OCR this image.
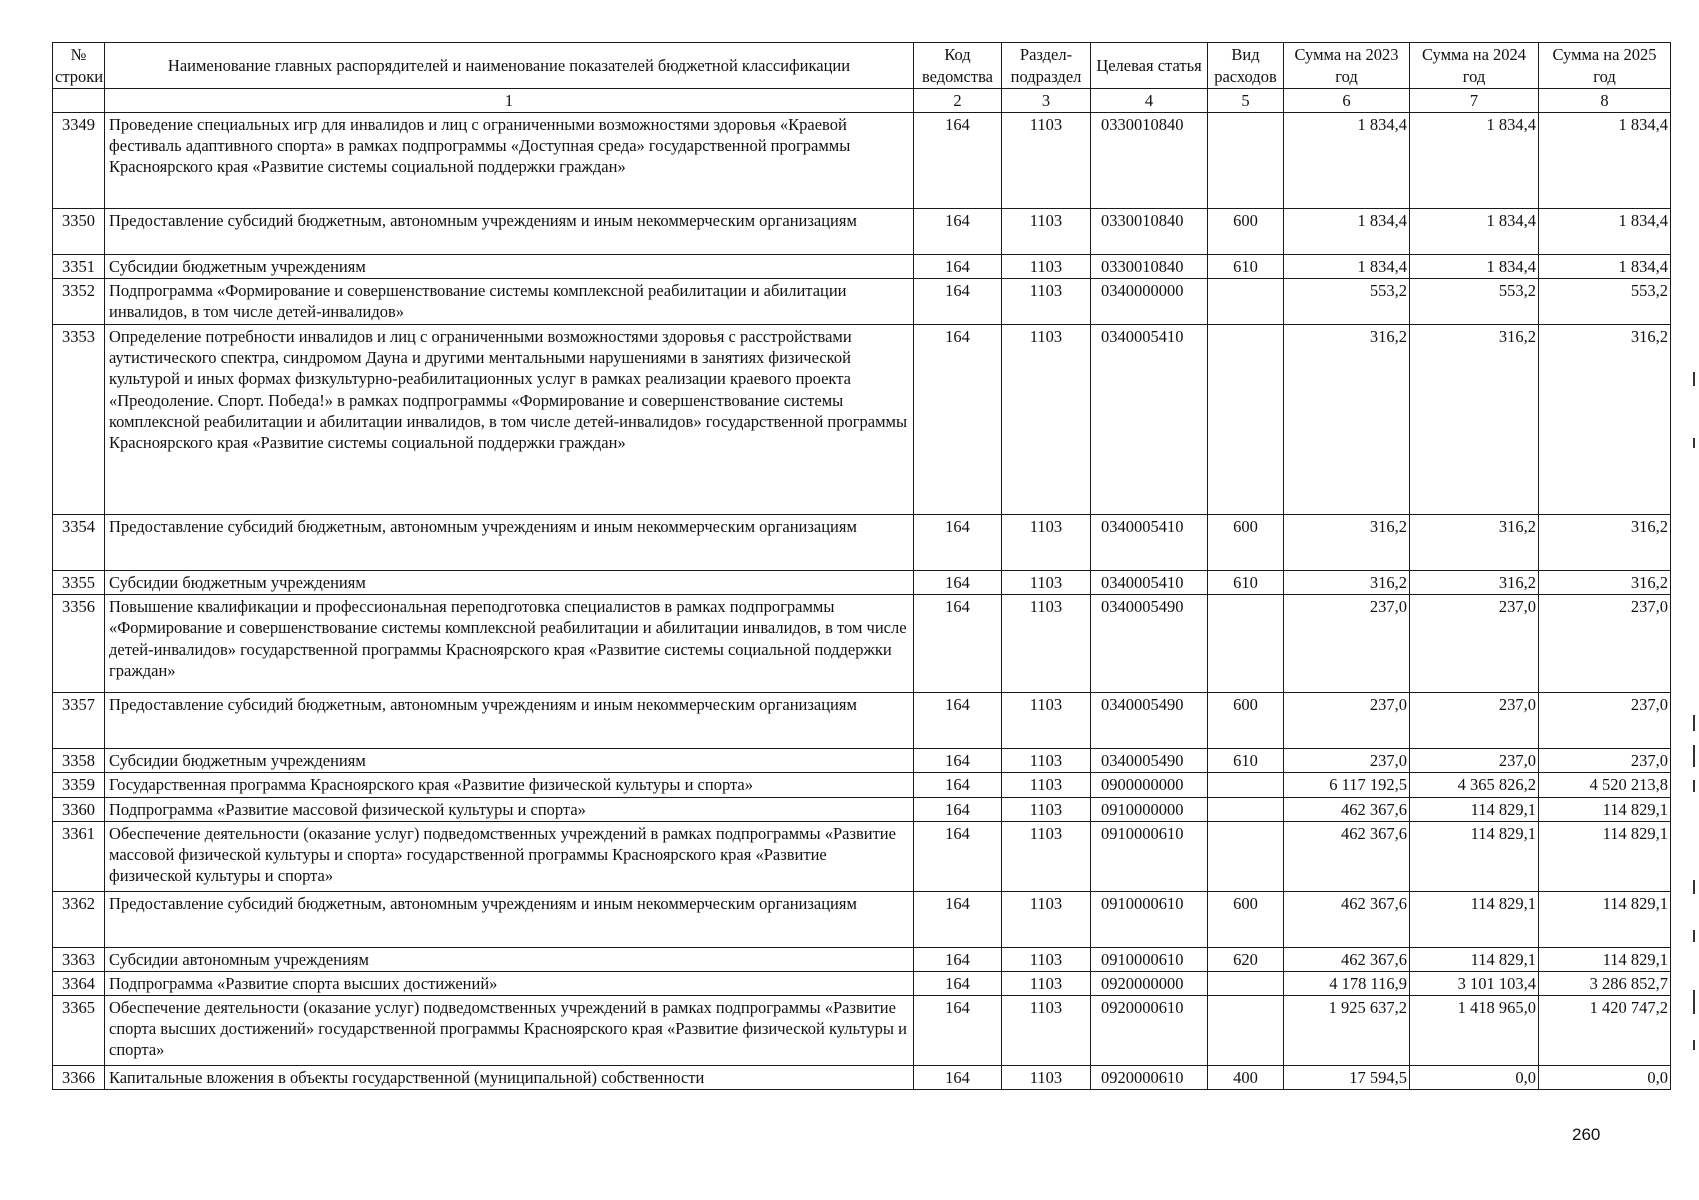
№ строки	Наименование главных распорядителей и наименование показателей бюджетной классификации	Код ведомства	Раздел-подраздел	Целевая статья	Вид расходов	Сумма на 2023 год	Сумма на 2024 год	Сумма на 2025 год
	1	2	3	4	5	6	7	8
3349	Проведение специальных игр для инвалидов и лиц с ограниченными возможностями здоровья «Краевой фестиваль адаптивного спорта» в рамках подпрограммы «Доступная среда» государственной программы Красноярского края «Развитие системы социальной поддержки граждан»	164	1103	0330010840		1 834,4	1 834,4	1 834,4
3350	Предоставление субсидий бюджетным, автономным учреждениям и иным некоммерческим организациям	164	1103	0330010840	600	1 834,4	1 834,4	1 834,4
3351	Субсидии бюджетным учреждениям	164	1103	0330010840	610	1 834,4	1 834,4	1 834,4
3352	Подпрограмма «Формирование и совершенствование системы комплексной реабилитации и абилитации инвалидов, в том числе детей-инвалидов»	164	1103	0340000000		553,2	553,2	553,2
3353	Определение потребности инвалидов и лиц с ограниченными возможностями здоровья с расстройствами аутистического спектра, синдромом Дауна и другими ментальными нарушениями в занятиях физической культурой и иных формах физкультурно-реабилитационных услуг в рамках реализации краевого проекта «Преодоление. Спорт. Победа!» в рамках подпрограммы «Формирование и совершенствование системы комплексной реабилитации и абилитации инвалидов, в том числе детей-инвалидов» государственной программы Красноярского края «Развитие системы социальной поддержки граждан»	164	1103	0340005410		316,2	316,2	316,2
3354	Предоставление субсидий бюджетным, автономным учреждениям и иным некоммерческим организациям	164	1103	0340005410	600	316,2	316,2	316,2
3355	Субсидии бюджетным учреждениям	164	1103	0340005410	610	316,2	316,2	316,2
3356	Повышение квалификации и профессиональная переподготовка специалистов в рамках подпрограммы «Формирование и совершенствование системы комплексной реабилитации и абилитации инвалидов, в том числе детей-инвалидов» государственной программы Красноярского края «Развитие системы социальной поддержки граждан»	164	1103	0340005490		237,0	237,0	237,0
3357	Предоставление субсидий бюджетным, автономным учреждениям и иным некоммерческим организациям	164	1103	0340005490	600	237,0	237,0	237,0
3358	Субсидии бюджетным учреждениям	164	1103	0340005490	610	237,0	237,0	237,0
3359	Государственная программа Красноярского края «Развитие физической культуры и спорта»	164	1103	0900000000		6 117 192,5	4 365 826,2	4 520 213,8
3360	Подпрограмма «Развитие массовой физической культуры и спорта»	164	1103	0910000000		462 367,6	114 829,1	114 829,1
3361	Обеспечение деятельности (оказание услуг) подведомственных учреждений в рамках подпрограммы «Развитие массовой физической культуры и спорта» государственной программы Красноярского края «Развитие физической культуры и спорта»	164	1103	0910000610		462 367,6	114 829,1	114 829,1
3362	Предоставление субсидий бюджетным, автономным учреждениям и иным некоммерческим организациям	164	1103	0910000610	600	462 367,6	114 829,1	114 829,1
3363	Субсидии автономным учреждениям	164	1103	0910000610	620	462 367,6	114 829,1	114 829,1
3364	Подпрограмма «Развитие спорта высших достижений»	164	1103	0920000000		4 178 116,9	3 101 103,4	3 286 852,7
3365	Обеспечение деятельности (оказание услуг) подведомственных учреждений в рамках подпрограммы «Развитие спорта высших достижений» государственной программы Красноярского края «Развитие физической культуры и спорта»	164	1103	0920000610		1 925 637,2	1 418 965,0	1 420 747,2
3366	Капитальные вложения в объекты государственной (муниципальной) собственности	164	1103	0920000610	400	17 594,5	0,0	0,0
260
